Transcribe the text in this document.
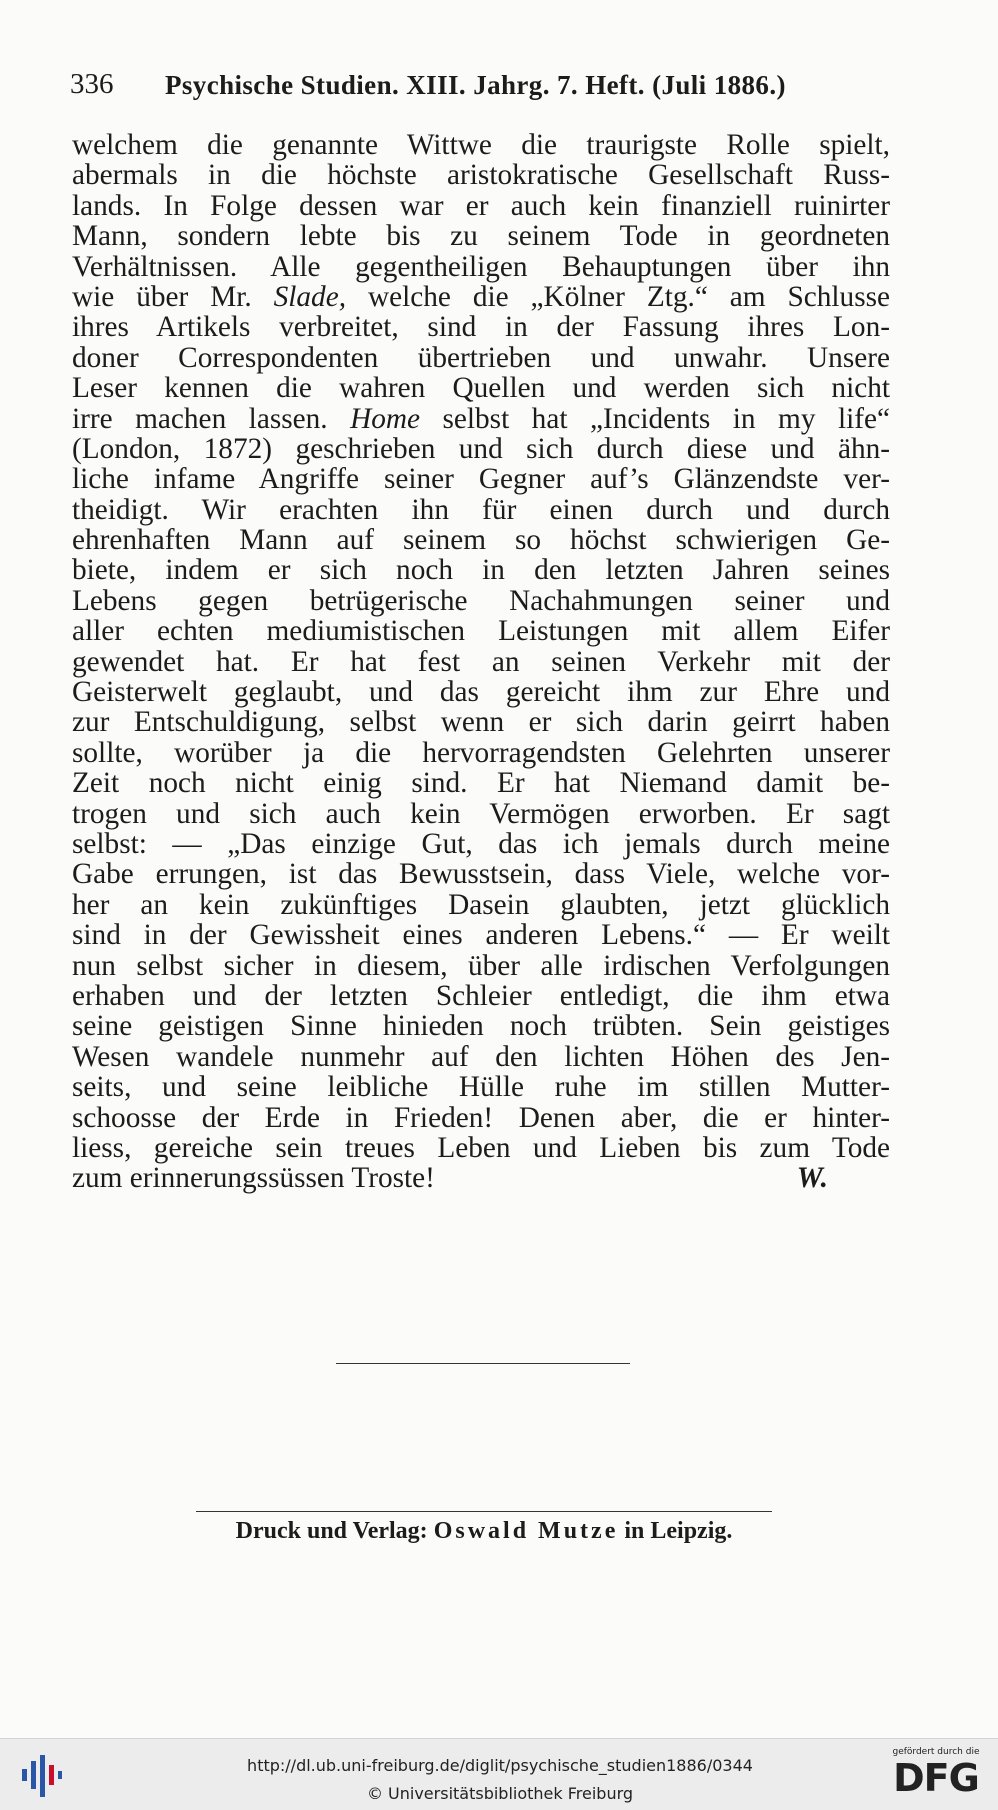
336 Psychische Studien. XIII. Jahrg. 7. Heft. (Juli 1886.)
welchem die genannte Wittwe die traurigste Rolle spielt,
abermals in die höchste aristokratische Gesellschaft Russ-
lands. In Folge dessen war er auch kein finanziell ruinirter
Mann, sondern lebte bis zu seinem Tode in geordneten
Verhältnissen. Alle gegentheiligen Behauptungen über ihn
wie über Mr. Slade, welche die „Kölner Ztg.“ am Schlusse
ihres Artikels verbreitet, sind in der Fassung ihres Lon-
doner Correspondenten übertrieben und unwahr. Unsere
Leser kennen die wahren Quellen und werden sich nicht
irre machen lassen. Home selbst hat „Incidents in my life“
(London, 1872) geschrieben und sich durch diese und ähn-
liche infame Angriffe seiner Gegner auf’s Glänzendste ver-
theidigt. Wir erachten ihn für einen durch und durch
ehrenhaften Mann auf seinem so höchst schwierigen Ge-
biete, indem er sich noch in den letzten Jahren seines
Lebens gegen betrügerische Nachahmungen seiner und
aller echten mediumistischen Leistungen mit allem Eifer
gewendet hat. Er hat fest an seinen Verkehr mit der
Geisterwelt geglaubt, und das gereicht ihm zur Ehre und
zur Entschuldigung, selbst wenn er sich darin geirrt haben
sollte, worüber ja die hervorragendsten Gelehrten unserer
Zeit noch nicht einig sind. Er hat Niemand damit be-
trogen und sich auch kein Vermögen erworben. Er sagt
selbst: — „Das einzige Gut, das ich jemals durch meine
Gabe errungen, ist das Bewusstsein, dass Viele, welche vor-
her an kein zukünftiges Dasein glaubten, jetzt glücklich
sind in der Gewissheit eines anderen Lebens.“ — Er weilt
nun selbst sicher in diesem, über alle irdischen Verfolgungen
erhaben und der letzten Schleier entledigt, die ihm etwa
seine geistigen Sinne hinieden noch trübten. Sein geistiges
Wesen wandele nunmehr auf den lichten Höhen des Jen-
seits, und seine leibliche Hülle ruhe im stillen Mutter-
schoosse der Erde in Frieden! Denen aber, die er hinter-
liess, gereiche sein treues Leben und Lieben bis zum Tode
zum erinnerungssüssen Troste!	W.
Druck und Verlag: Oswald Mutze in Leipzig.
http://dl.ub.uni-freiburg.de/diglit/psychische_studien1886/0344
© Universitätsbibliothek Freiburg
gefördert durch die
DFG
